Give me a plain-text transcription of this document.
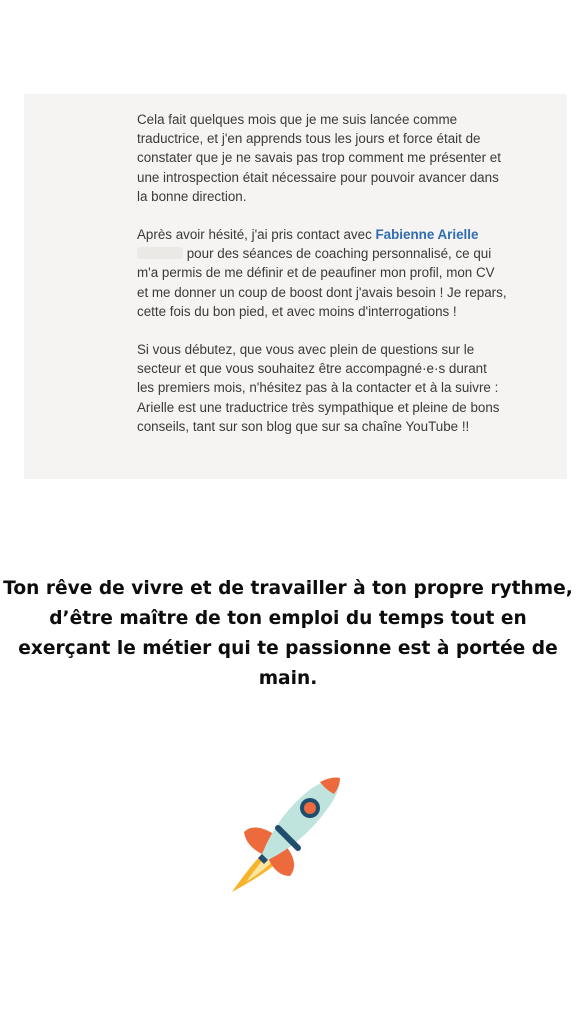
Cela fait quelques mois que je me suis lancée comme traductrice, et j'en apprends tous les jours et force était de constater que je ne savais pas trop comment me présenter et une introspection était nécessaire pour pouvoir avancer dans la bonne direction.

Après avoir hésité, j'ai pris contact avec Fabienne Arielle
pour des séances de coaching personnalisé, ce qui m'a permis de me définir et de peaufiner mon profil, mon CV et me donner un coup de boost dont j'avais besoin ! Je repars, cette fois du bon pied, et avec moins d'interrogations !

Si vous débutez, que vous avec plein de questions sur le secteur et que vous souhaitez être accompagné·e·s durant les premiers mois, n'hésitez pas à la contacter et à la suivre : Arielle est une traductrice très sympathique et pleine de bons conseils, tant sur son blog que sur sa chaîne YouTube !!

Ton rêve de vivre et de travailler à ton propre rythme,
d’être maître de ton emploi du temps tout en
exerçant le métier qui te passionne est à portée de
main.
